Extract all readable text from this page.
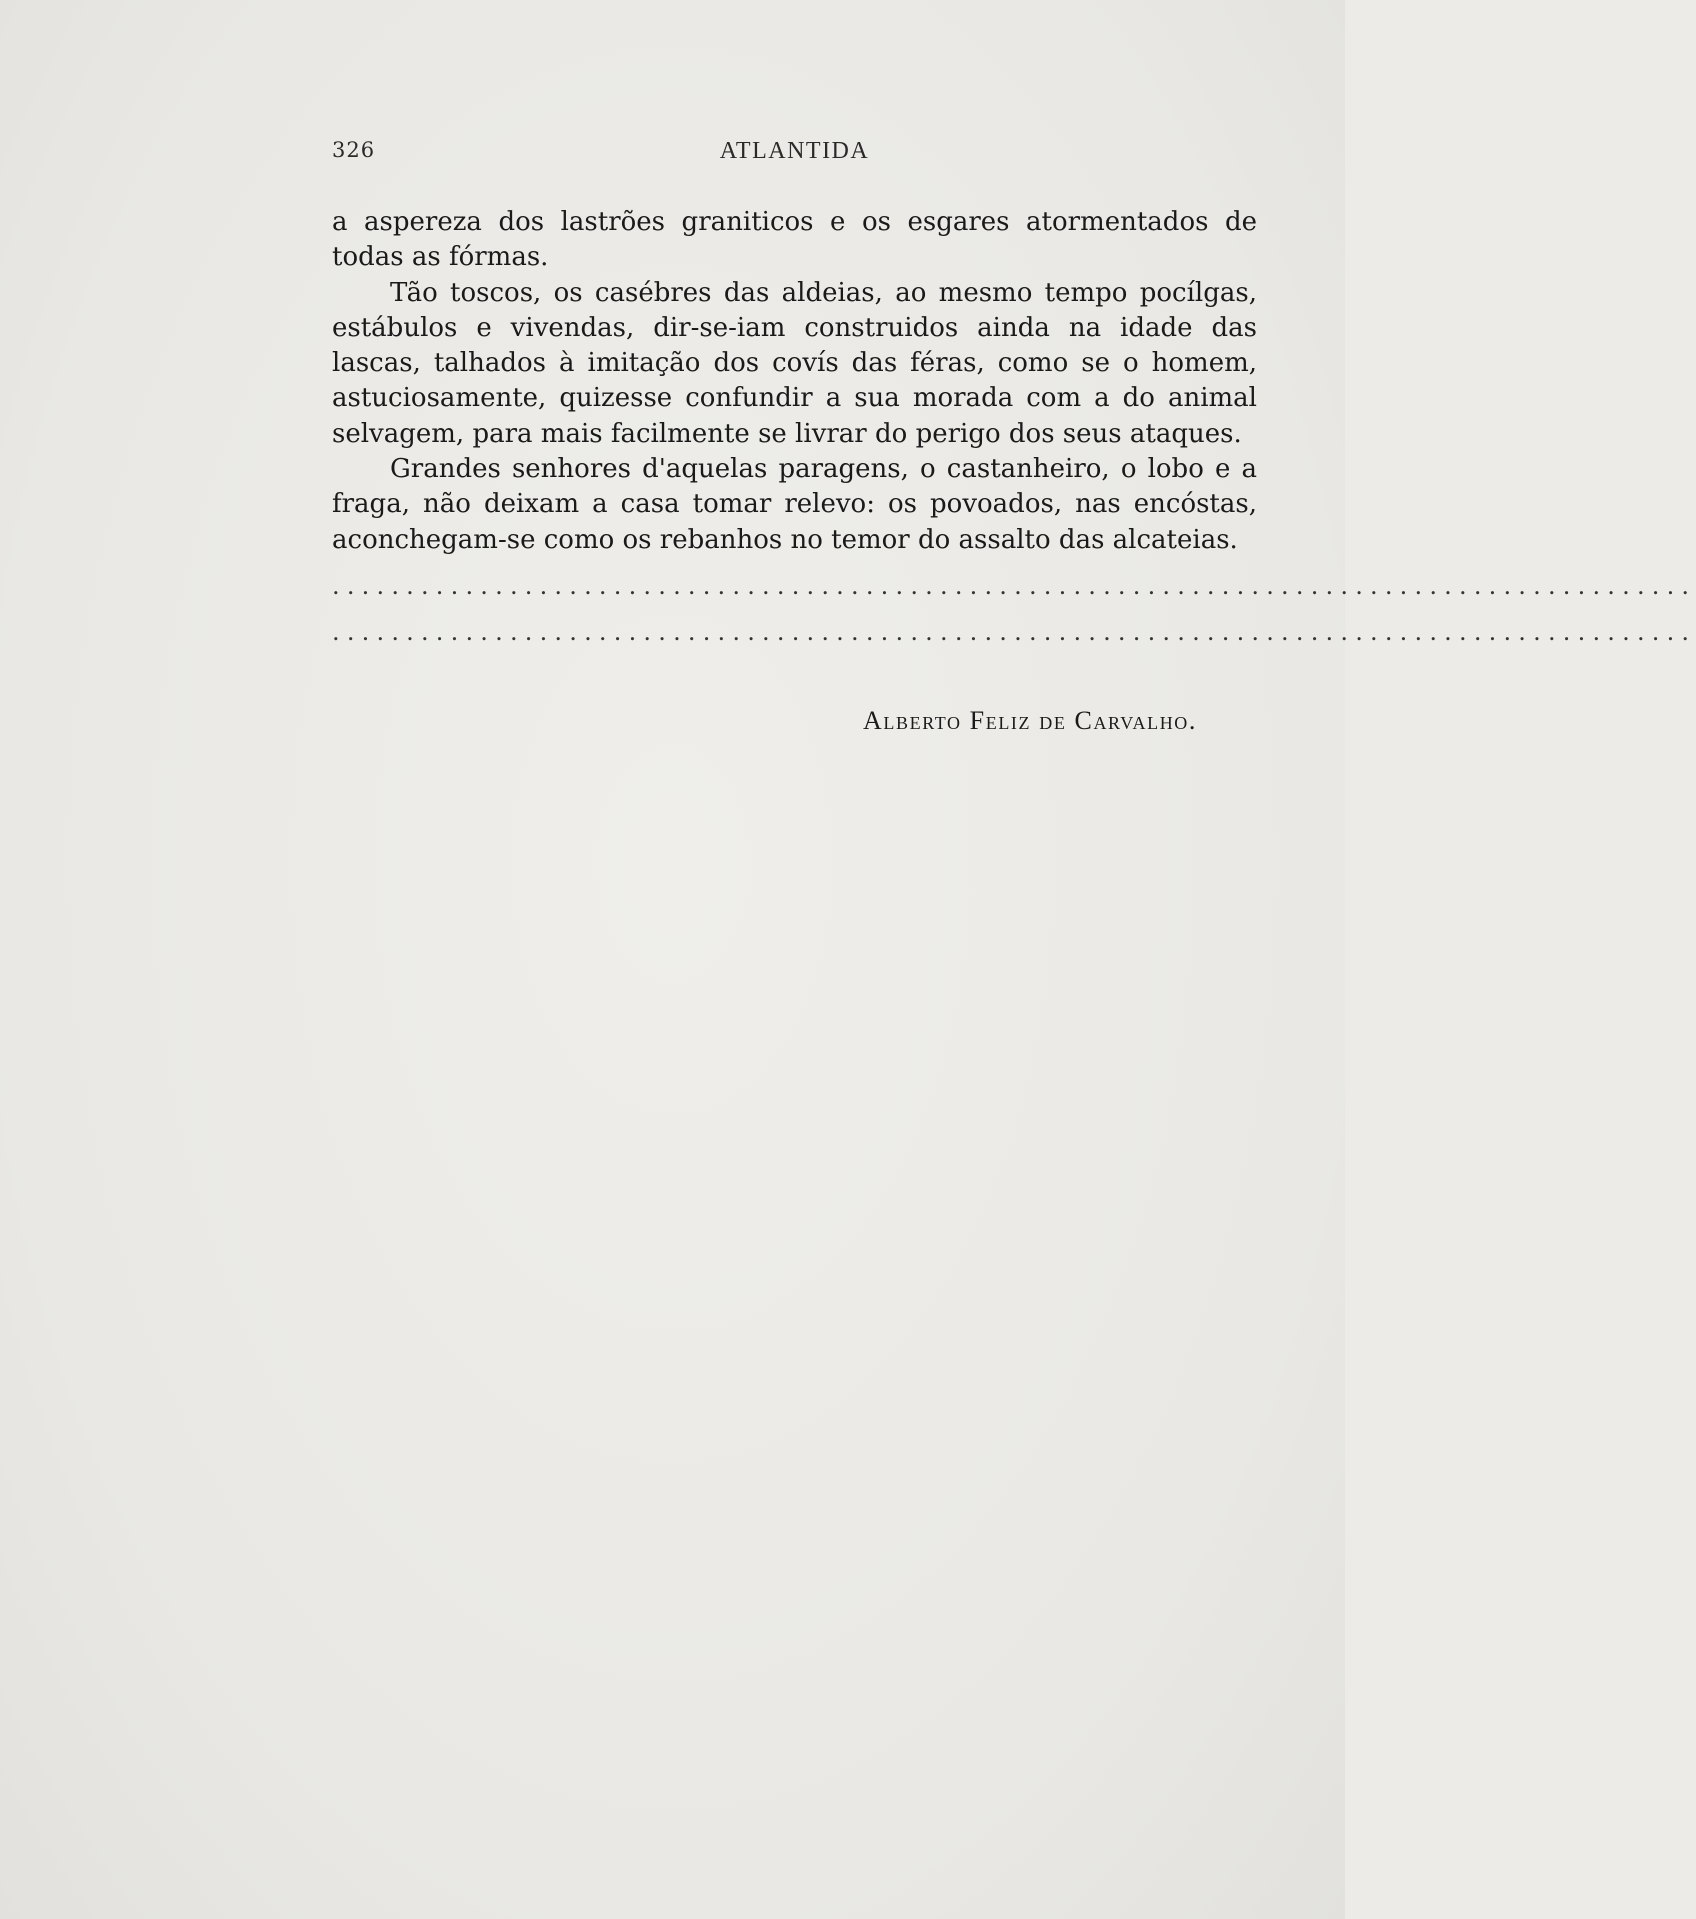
326	ATLANTIDA

a aspereza dos lastrões graniticos e os esgares atormentados de todas as fórmas.

Tão toscos, os casébres das aldeias, ao mesmo tempo pocílgas, estábulos e vivendas, dir-se-iam construidos ainda na idade das lascas, talhados à imitação dos covís das féras, como se o homem, astuciosamente, quizesse confundir a sua morada com a do animal selvagem, para mais facilmente se livrar do perigo dos seus ataques.

Grandes senhores d'aquelas paragens, o castanheiro, o lobo e a fraga, não deixam a casa tomar relevo: os povoados, nas encóstas, aconchegam-se como os rebanhos no temor do assalto das alcateias.

............................................................................................
............................................................................................
Alberto Feliz de Carvalho.
